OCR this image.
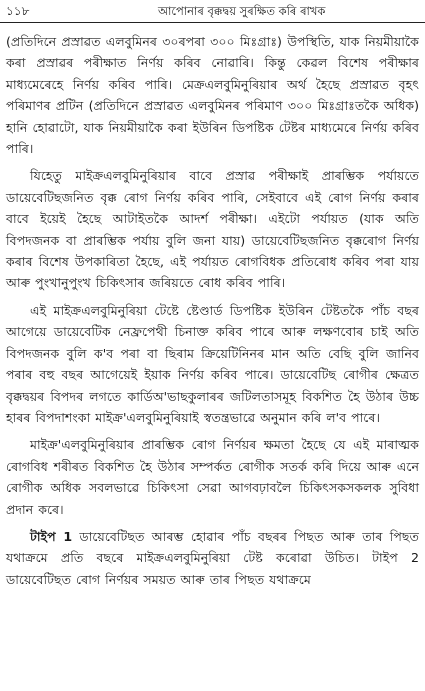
১১৮	আপোনাৰ বৃক্কদ্বয় সুৰক্ষিত কৰি ৰাখক

(প্ৰতিদিনে প্ৰস্ৰাৱত এলবুমিনৰ ৩০ৰপৰা ৩০০ মিঃগ্ৰাঃ) উপস্থিতি, যাক নিয়মীয়াকৈ কৰা প্ৰস্ৰাৱৰ পৰীক্ষাত নিৰ্ণয় কৰিব নোৱাৰি। কিন্তু কেৱল বিশেষ পৰীক্ষাৰ মাধ্যমেৰেহে নিৰ্ণয় কৰিব পাৰি। মেক্ৰএলবুমিনুৰিয়াৰ অৰ্থ হৈছে প্ৰস্ৰাৱত বৃহৎ পৰিমাণৰ প্ৰটিন (প্ৰতিদিনে প্ৰস্ৰাৱত এলবুমিনৰ পৰিমাণ ৩০০ মিঃগ্ৰাঃতকৈ অধিক) হানি হোৱাটো, যাক নিয়মীয়াকৈ কৰা ইউৰিন ডিপষ্টিক টেষ্টৰ মাধ্যমেৰে নিৰ্ণয় কৰিব পাৰি।

যিহেতু মাইক্ৰএলবুমিনুৰিয়াৰ বাবে প্ৰস্ৰাৱ পৰীক্ষাই প্ৰাৰম্ভিক পৰ্যায়তে ডায়েবেটিছজনিত বৃক্ক ৰোগ নিৰ্ণয় কৰিব পাৰি, সেইবাবে এই ৰোগ নিৰ্ণয় কৰাৰ বাবে ইয়েই হৈছে আটাইতকৈ আদৰ্শ পৰীক্ষা। এইটো পৰ্যায়ত (যাক অতি বিপদজনক বা প্ৰাৰম্ভিক পৰ্যায় বুলি জনা যায়) ডায়েবেটিছজনিত বৃক্কৰোগ নিৰ্ণয় কৰাৰ বিশেষ উপকাৰিতা হৈছে, এই পৰ্যায়ত ৰোগবিধক প্ৰতিৰোধ কৰিব পৰা যায় আৰু পুংখানুপুংখ চিকিৎসাৰ জৰিয়তে ৰোধ কৰিব পাৰি।

এই মাইক্ৰএলবুমিনুৰিয়া টেষ্টে ষ্টেণ্ডাৰ্ড ডিপষ্টিক ইউৰিন টেষ্টতকৈ পাঁচ বছৰ আগেয়ে ডায়েবেটিক নেফ্ৰপেথী চিনাক্ত কৰিব পাৰে আৰু লক্ষণবোৰ চাই অতি বিপদজনক বুলি ক'ব পৰা বা ছিৰাম ক্ৰিয়েটিনিনৰ মান অতি বেছি বুলি জানিব পৰাৰ বহু বছৰ আগেয়েই ইয়াক নিৰ্ণয় কৰিব পাৰে। ডায়েবেটিছ ৰোগীৰ ক্ষেত্ৰত বৃক্কদ্বয়ৰ বিপদৰ লগতে কাৰ্ডিঅ'ভাছকুলাৰৰ জটিলতাসমূহ বিকশিত হৈ উঠাৰ উচ্চ হাৰৰ বিপদাশংকা মাইক্ৰ'এলবুমিনুৰিয়াই স্বতন্ত্ৰভাৱে অনুমান কৰি ল'ব পাৰে।

মাইক্ৰ'এলবুমিনুৰিয়াৰ প্ৰাৰম্ভিক ৰোগ নিৰ্ণয়ৰ ক্ষমতা হৈছে যে এই মাৰাত্মক ৰোগবিধ শৰীৰত বিকশিত হৈ উঠাৰ সম্পৰ্কত ৰোগীক সতৰ্ক কৰি দিয়ে আৰু এনে ৰোগীক অধিক সবলভাৱে চিকিৎসা সেৱা আগবঢ়াবলৈ চিকিৎসকসকলক সুবিধা প্ৰদান কৰে।

টাইপ 1 ডায়েবেটিছত আৰম্ভ হোৱাৰ পাঁচ বছৰৰ পিছত আৰু তাৰ পিছত যথাক্ৰমে প্ৰতি বছৰে মাইক্ৰএলবুমিনুৰিয়া টেষ্ট কৰোৱা উচিত। টাইপ 2 ডায়েবেটিছত ৰোগ নিৰ্ণয়ৰ সময়ত আৰু তাৰ পিছত যথাক্ৰমে
